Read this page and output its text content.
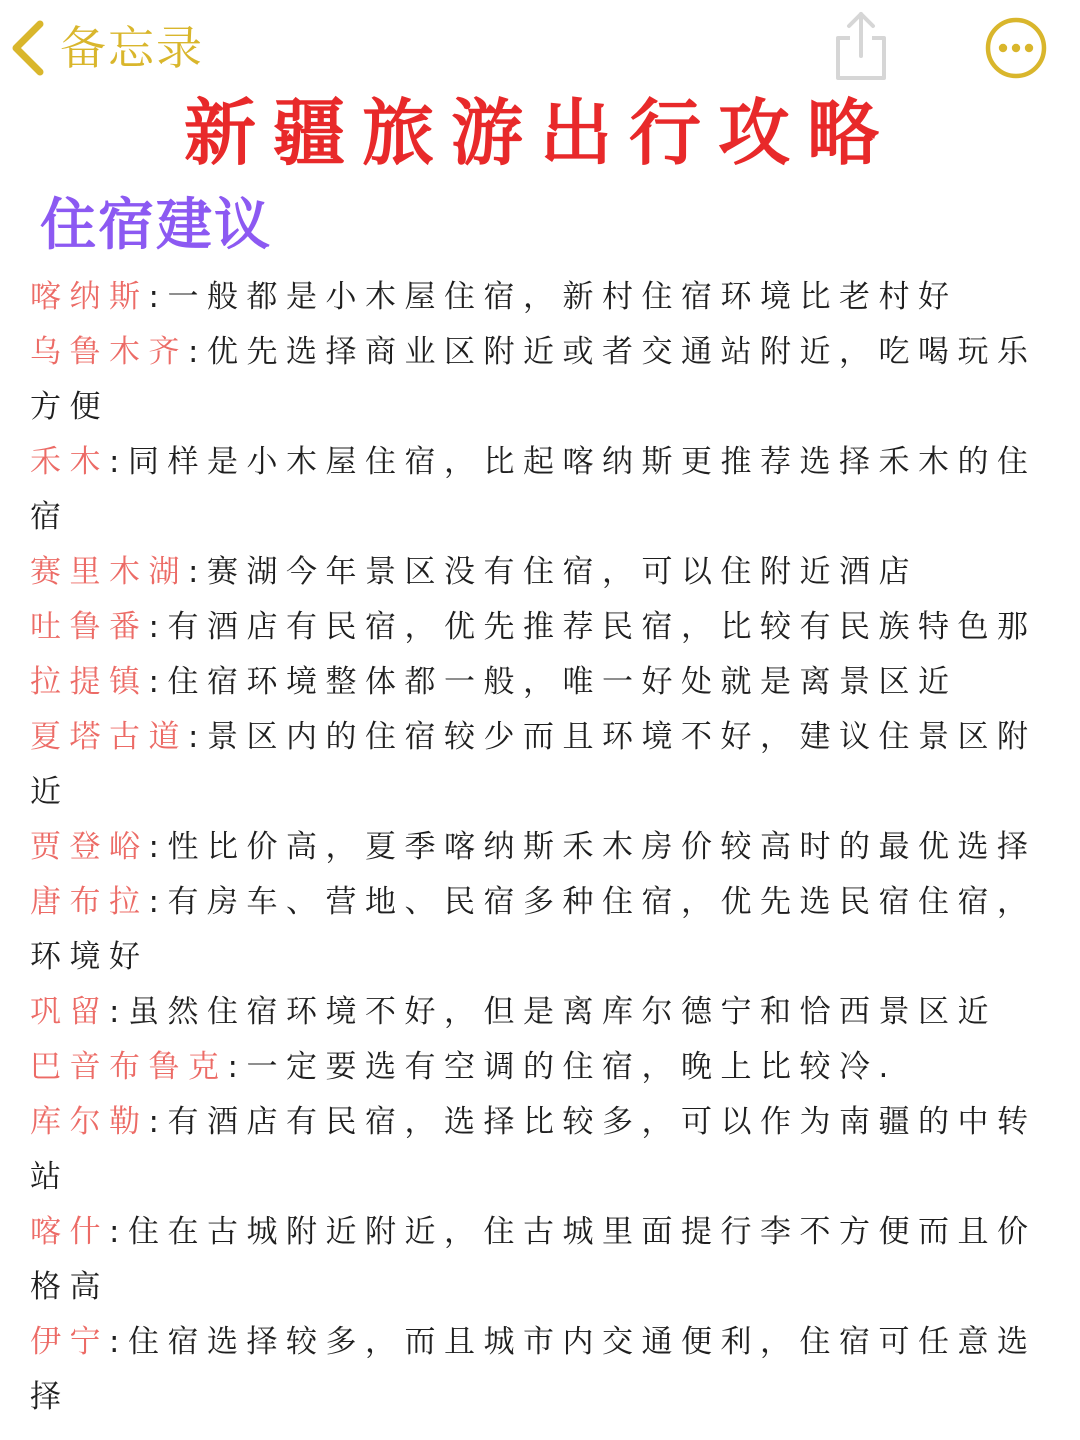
备忘录
新疆旅游出行攻略
住宿建议

喀纳斯:一般都是小木屋住宿，新村住宿环境比老村好

乌鲁木齐:优先选择商业区附近或者交通站附近，吃喝玩乐方便

禾木:同样是小木屋住宿，比起喀纳斯更推荐选择禾木的住宿

赛里木湖:赛湖今年景区没有住宿，可以住附近酒店

吐鲁番:有酒店有民宿，优先推荐民宿，比较有民族特色那

拉提镇:住宿环境整体都一般，唯一好处就是离景区近

夏塔古道:景区内的住宿较少而且环境不好，建议住景区附近

贾登峪:性比价高，夏季喀纳斯禾木房价较高时的最优选择

唐布拉:有房车、营地、民宿多种住宿，优先选民宿住宿，环境好

巩留:虽然住宿环境不好，但是离库尔德宁和恰西景区近

巴音布鲁克:一定要选有空调的住宿，晚上比较冷.

库尔勒:有酒店有民宿，选择比较多，可以作为南疆的中转站

喀什:住在古城附近附近，住古城里面提行李不方便而且价格高

伊宁:住宿选择较多，而且城市内交通便利，住宿可任意选择
